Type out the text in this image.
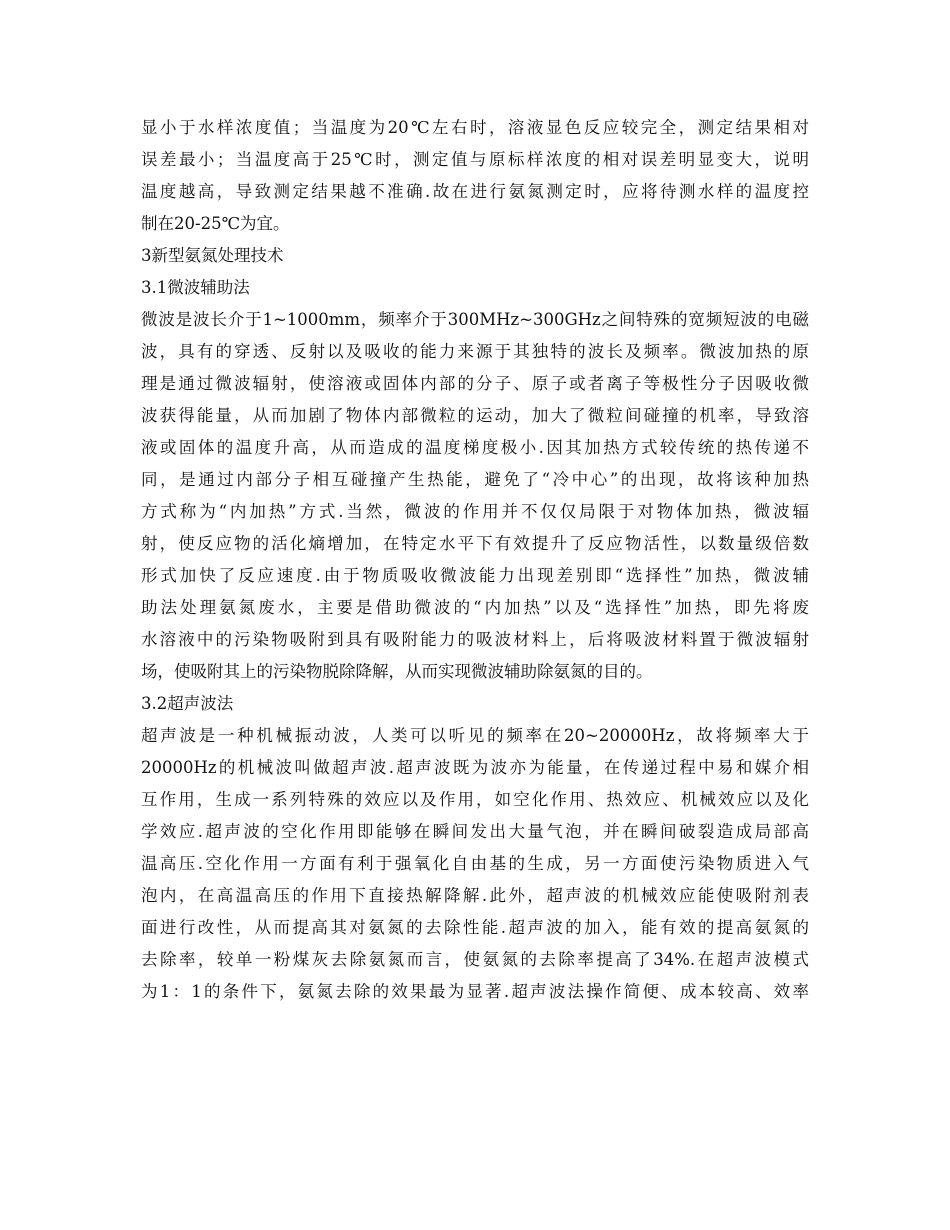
显小于水样浓度值；当温度为20℃左右时，溶液显色反应较完全，测定结果相对
误差最小；当温度高于25℃时，测定值与原标样浓度的相对误差明显变大，说明
温度越高，导致测定结果越不准确.故在进行氨氮测定时，应将待测水样的温度控
制在20-25℃为宜。
3新型氨氮处理技术
3.1微波辅助法
微波是波长介于1~1000mm，频率介于300MHz~300GHz之间特殊的宽频短波的电磁
波，具有的穿透、反射以及吸收的能力来源于其独特的波长及频率。微波加热的原
理是通过微波辐射，使溶液或固体内部的分子、原子或者离子等极性分子因吸收微
波获得能量，从而加剧了物体内部微粒的运动，加大了微粒间碰撞的机率，导致溶
液或固体的温度升高，从而造成的温度梯度极小.因其加热方式较传统的热传递不
同，是通过内部分子相互碰撞产生热能，避免了“冷中心”的出现，故将该种加热
方式称为“内加热”方式.当然，微波的作用并不仅仅局限于对物体加热，微波辐
射，使反应物的活化熵增加，在特定水平下有效提升了反应物活性，以数量级倍数
形式加快了反应速度.由于物质吸收微波能力出现差别即“选择性”加热，微波辅
助法处理氨氮废水，主要是借助微波的“内加热”以及“选择性”加热，即先将废
水溶液中的污染物吸附到具有吸附能力的吸波材料上，后将吸波材料置于微波辐射
场，使吸附其上的污染物脱除降解，从而实现微波辅助除氨氮的目的。
3.2超声波法
超声波是一种机械振动波，人类可以听见的频率在20~20000Hz，故将频率大于
20000Hz的机械波叫做超声波.超声波既为波亦为能量，在传递过程中易和媒介相
互作用，生成一系列特殊的效应以及作用，如空化作用、热效应、机械效应以及化
学效应.超声波的空化作用即能够在瞬间发出大量气泡，并在瞬间破裂造成局部高
温高压.空化作用一方面有利于强氧化自由基的生成，另一方面使污染物质进入气
泡内，在高温高压的作用下直接热解降解.此外，超声波的机械效应能使吸附剂表
面进行改性，从而提高其对氨氮的去除性能.超声波的加入，能有效的提高氨氮的
去除率，较单一粉煤灰去除氨氮而言，使氨氮的去除率提高了34%.在超声波模式
为1：1的条件下，氨氮去除的效果最为显著.超声波法操作简便、成本较高、效率
